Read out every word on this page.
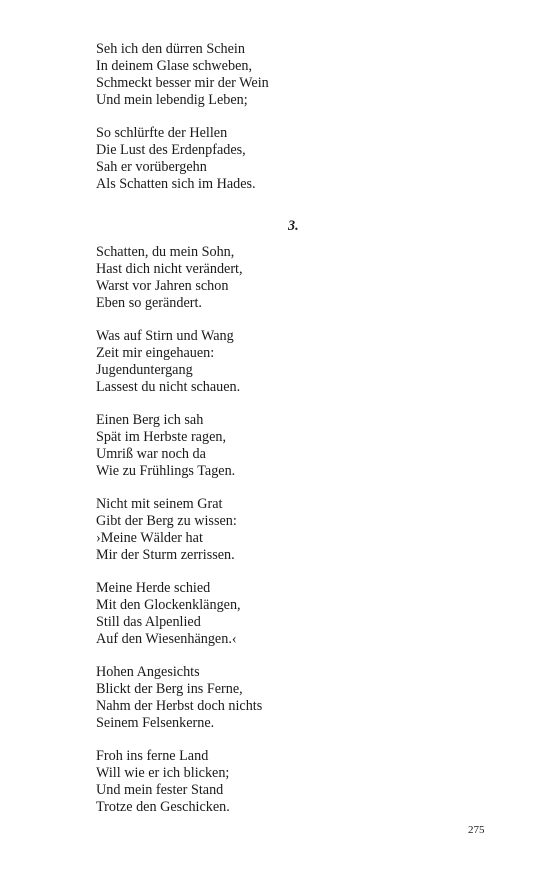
Seh ich den dürren Schein
In deinem Glase schweben,
Schmeckt besser mir der Wein
Und mein lebendig Leben;
So schlürfte der Hellen
Die Lust des Erdenpfades,
Sah er vorübergehn
Als Schatten sich im Hades.
3.
Schatten, du mein Sohn,
Hast dich nicht verändert,
Warst vor Jahren schon
Eben so gerändert.
Was auf Stirn und Wang
Zeit mir eingehauen:
Jugenduntergang
Lassest du nicht schauen.
Einen Berg ich sah
Spät im Herbste ragen,
Umriß war noch da
Wie zu Frühlings Tagen.
Nicht mit seinem Grat
Gibt der Berg zu wissen:
›Meine Wälder hat
Mir der Sturm zerrissen.
Meine Herde schied
Mit den Glockenklängen,
Still das Alpenlied
Auf den Wiesenhängen.‹
Hohen Angesichts
Blickt der Berg ins Ferne,
Nahm der Herbst doch nichts
Seinem Felsenkerne.
Froh ins ferne Land
Will wie er ich blicken;
Und mein fester Stand
Trotze den Geschicken.
275
